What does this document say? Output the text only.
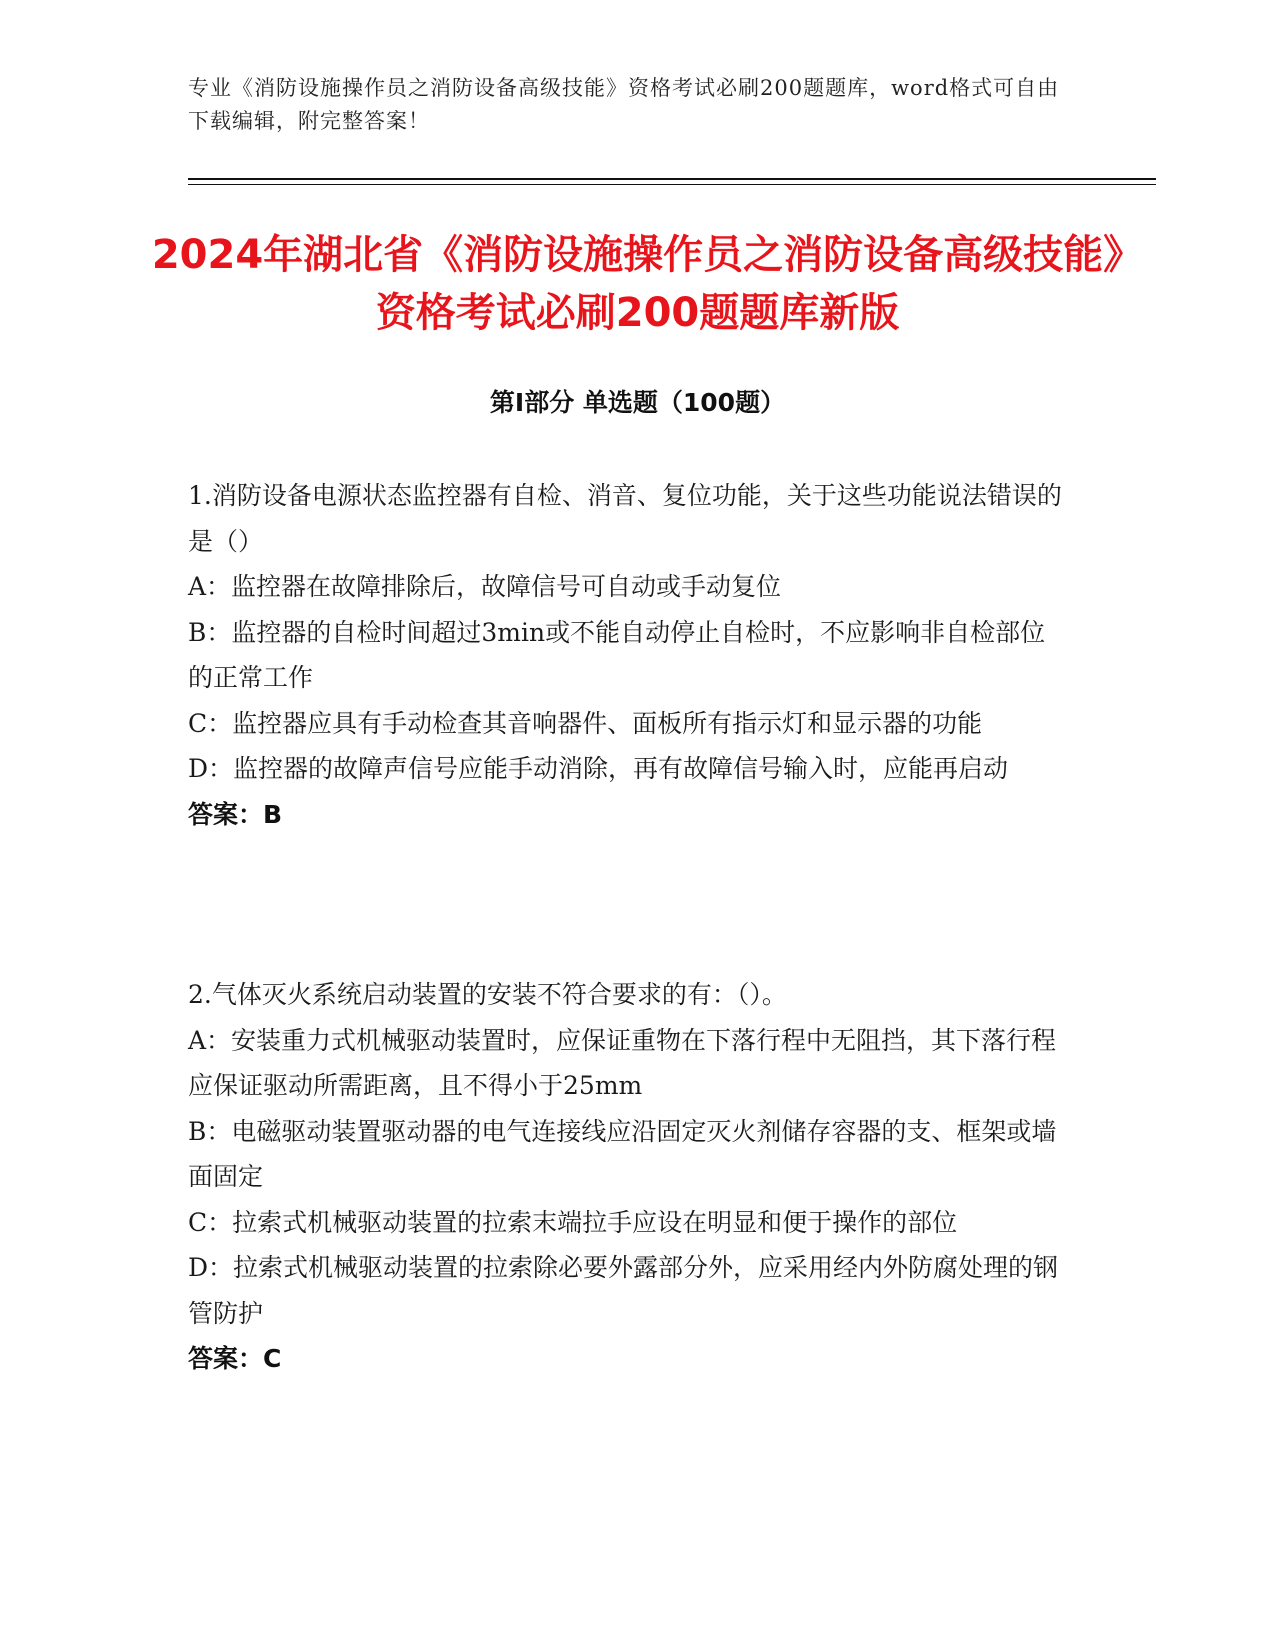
专业《消防设施操作员之消防设备高级技能》资格考试必刷200题题库，word格式可自由下载编辑，附完整答案！
2024年湖北省《消防设施操作员之消防设备高级技能》资格考试必刷200题题库新版
第Ⅰ部分 单选题（100题）

1.消防设备电源状态监控器有自检、消音、复位功能，关于这些功能说法错误的是（）

A：监控器在故障排除后，故障信号可自动或手动复位

B：监控器的自检时间超过3min或不能自动停止自检时，不应影响非自检部位的正常工作

C：监控器应具有手动检查其音响器件、面板所有指示灯和显示器的功能

D：监控器的故障声信号应能手动消除，再有故障信号输入时，应能再启动

答案：B

2.气体灭火系统启动装置的安装不符合要求的有：（）。

A：安装重力式机械驱动装置时，应保证重物在下落行程中无阻挡，其下落行程应保证驱动所需距离，且不得小于25mm

B：电磁驱动装置驱动器的电气连接线应沿固定灭火剂储存容器的支、框架或墙面固定

C：拉索式机械驱动装置的拉索末端拉手应设在明显和便于操作的部位

D：拉索式机械驱动装置的拉索除必要外露部分外，应采用经内外防腐处理的钢管防护

答案：C
